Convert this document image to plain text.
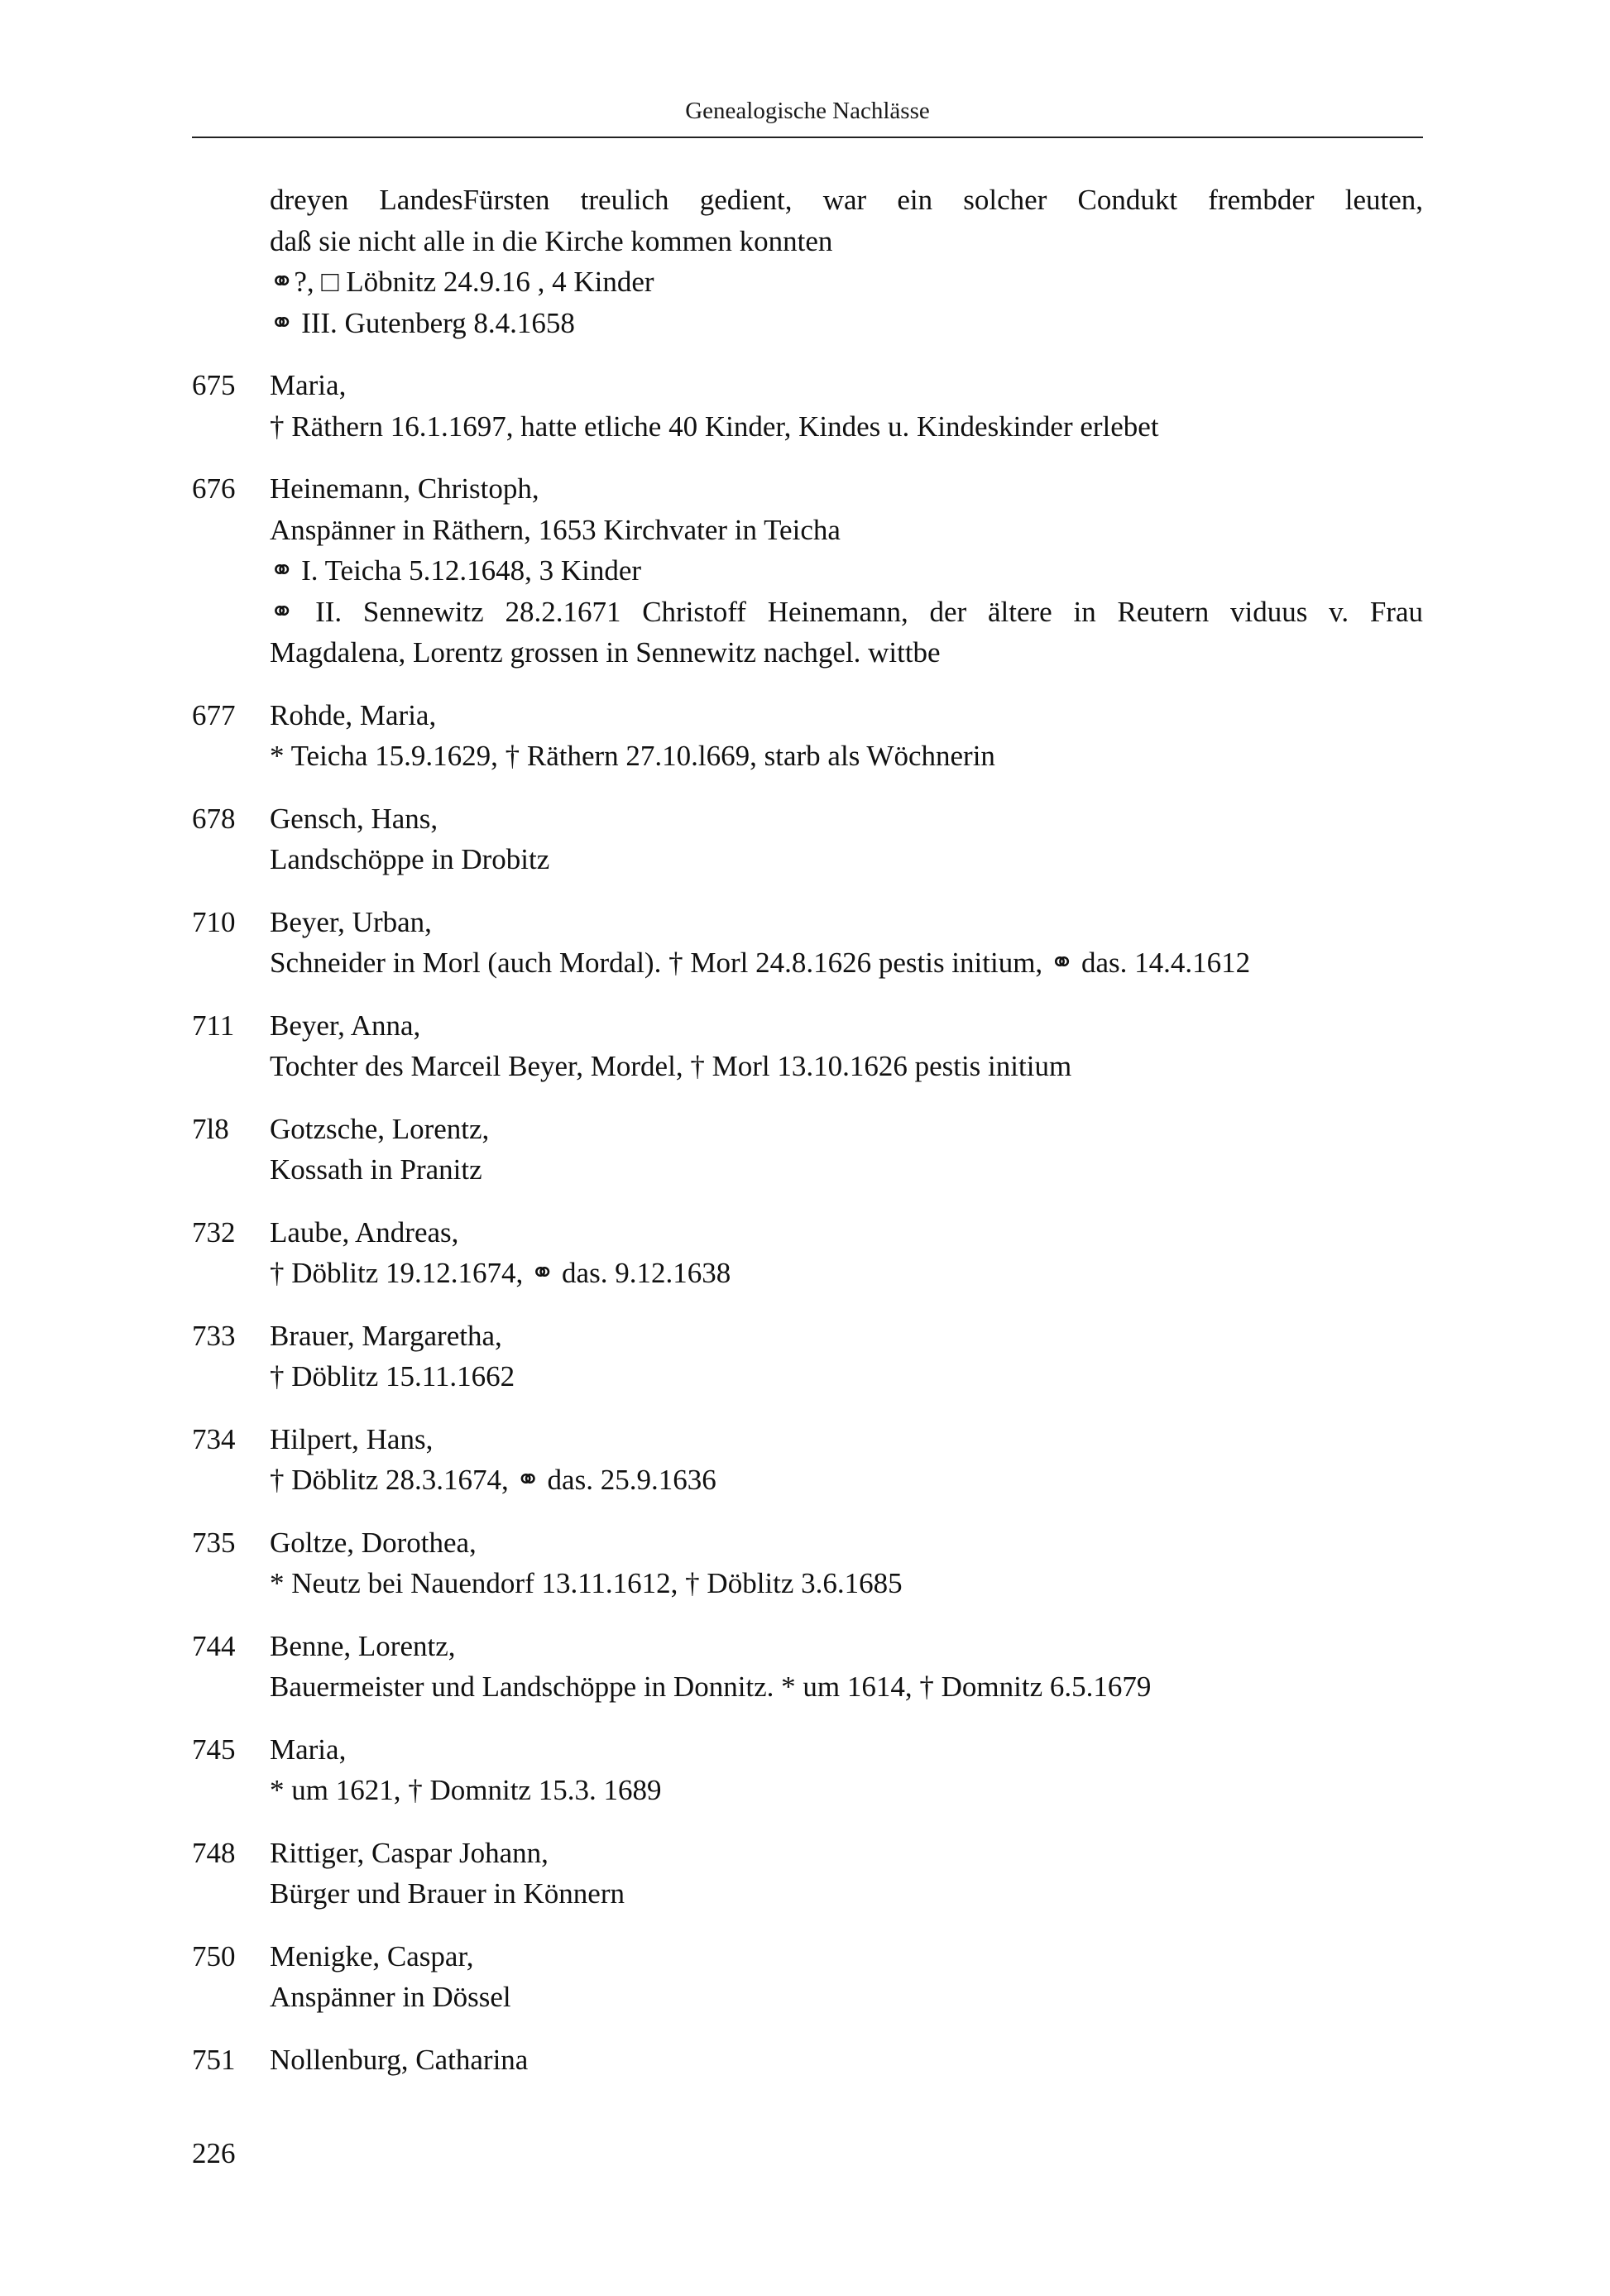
Genealogische Nachlässe
dreyen LandesFürsten treulich gedient, war ein solcher Condukt frembder leuten,
daß sie nicht alle in die Kirche kommen konnten
⚭?, □ Löbnitz 24.9.16 , 4 Kinder
⚭ III. Gutenberg 8.4.1658
675	Maria,
† Räthern 16.1.1697, hatte etliche 40 Kinder, Kindes u. Kindeskinder erlebet
676	Heinemann, Christoph,
Anspänner in Räthern, 1653 Kirchvater in Teicha
⚭ I. Teicha 5.12.1648, 3 Kinder
⚭ II. Sennewitz 28.2.1671 Christoff Heinemann, der ältere in Reutern viduus v. Frau
Magdalena, Lorentz grossen in Sennewitz nachgel. wittbe
677	Rohde, Maria,
* Teicha 15.9.1629, † Räthern 27.10.l669, starb als Wöchnerin
678	Gensch, Hans,
Landschöppe in Drobitz
710	Beyer, Urban,
Schneider in Morl (auch Mordal). † Morl 24.8.1626 pestis initium, ⚭ das. 14.4.1612
711	Beyer, Anna,
Tochter des Marceil Beyer, Mordel, † Morl 13.10.1626 pestis initium
7l8	Gotzsche, Lorentz,
Kossath in Pranitz
732	Laube, Andreas,
† Döblitz 19.12.1674, ⚭ das. 9.12.1638
733	Brauer, Margaretha,
† Döblitz 15.11.1662
734	Hilpert, Hans,
† Döblitz 28.3.1674, ⚭ das. 25.9.1636
735	Goltze, Dorothea,
* Neutz bei Nauendorf 13.11.1612, † Döblitz 3.6.1685
744	Benne, Lorentz,
Bauermeister und Landschöppe in Donnitz. * um 1614, † Domnitz 6.5.1679
745	Maria,
* um 1621, † Domnitz 15.3. 1689
748	Rittiger, Caspar Johann,
Bürger und Brauer in Könnern
750	Menigke, Caspar,
Anspänner in Dössel
751	Nollenburg, Catharina
226
